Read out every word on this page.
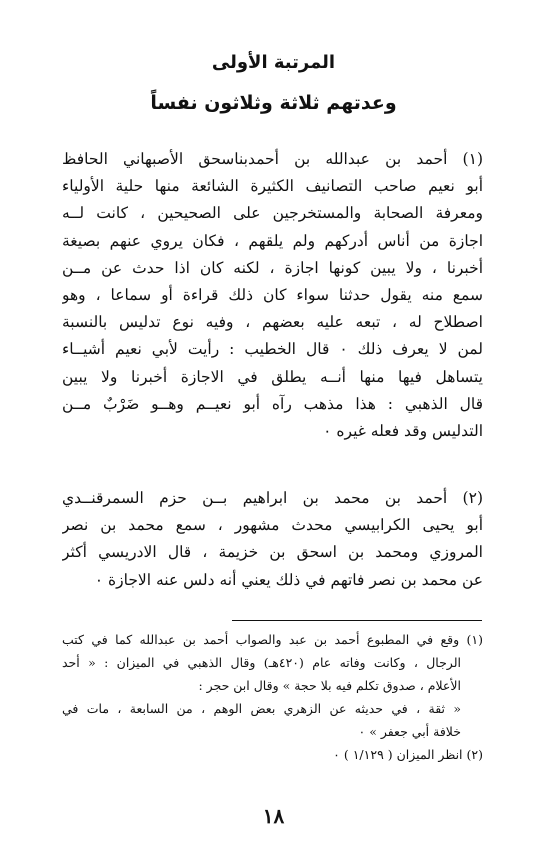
المرتبة الأولى
وعدتهم ثلاثة وثلاثون نفساً

(١) أحمد بن عبدالله بن أحمدبناسحق الأصبهاني الحافظ

أبو نعيم صاحب التصانيف الكثيرة الشائعة منها حلية الأولياء

ومعرفة الصحابة والمستخرجين على الصحيحين ، كانت لــه

اجازة من أناس أدركهم ولم يلقهم ، فكان يروي عنهم بصيغة

أخبرنا ، ولا يبين كونها اجازة ، لكنه كان اذا حدث عن مــن

سمع منه يقول حدثنا سواء كان ذلك قراءة أو سماعا ، وهو

اصطلاح له ، تبعه عليه بعضهم ، وفيه نوع تدليس بالنسبة

لمن لا يعرف ذلك ٠ قال الخطيب : رأيت لأبي نعيم أشيــاء

يتساهل فيها منها أنــه يطلق في الاجازة أخبرنا ولا يبين

قال الذهبي : هذا مذهب رآه أبو نعيــم وهــو ضَرْبٌ مــن

التدليس وقد فعله غيره ٠

(٢) أحمد بن محمد بن ابراهيم بــن حزم السمرقنــدي

أبو يحيى الكرابيسي محدث مشهور ، سمع محمد بن نصر

المروزي ومحمد بن اسحق بن خزيمة ، قال الادريسي أكثر

عن محمد بن نصر فاتهم في ذلك يعني أنه دلس عنه الاجازة ٠

(١) وقع في المطبوع أحمد بن عبد والصواب أحمد بن عبدالله كما في كتب

الرجال ، وكانت وفاته عام (٤٢٠هـ) وقال الذهبي في الميزان : « أحد

الأعلام ، صدوق تكلم فيه بلا حجة » وقال ابن حجر :

« ثقة ، في حديثه عن الزهري بعض الوهم ، من السابعة ، مات في

خلافة أبي جعفر » ٠

(٢) انظر الميزان ( ١/١٢٩ ) ٠

١٨
